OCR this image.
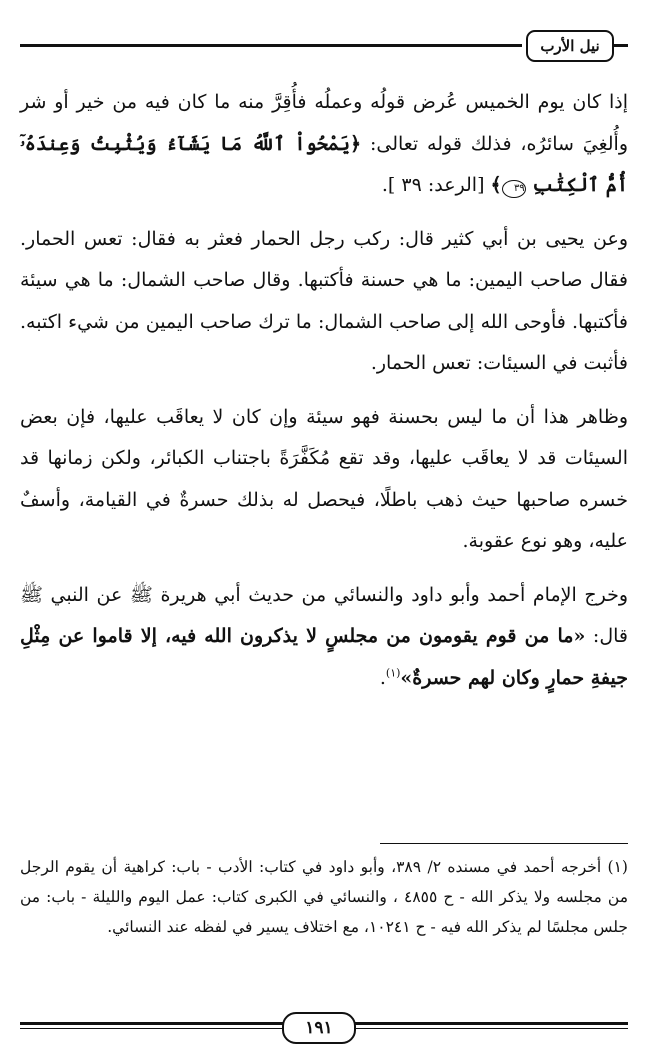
نيل الأرب

إذا كان يوم الخميس عُرض قولُه وعملُه فأُقِرَّ منه ما كان فيه من خير أو شر وأُلغِيَ سائرُه، فذلك قوله تعالى: ﴿يَمْحُواْ ٱللَّهُ مَا يَشَآءُ وَيُثْبِتُ وَعِندَهُۥٓ أُمُّ ٱلْكِتَٰبِ ٣٩﴾ [الرعد: ٣٩ ].

وعن يحيى بن أبي كثير قال: ركب رجل الحمار فعثر به فقال: تعس الحمار. فقال صاحب اليمين: ما هي حسنة فأكتبها. وقال صاحب الشمال: ما هي سيئة فأكتبها. فأوحى الله إلى صاحب الشمال: ما ترك صاحب اليمين من شيء اكتبه. فأثبت في السيئات: تعس الحمار.

وظاهر هذا أن ما ليس بحسنة فهو سيئة وإن كان لا يعاقَب عليها، فإن بعض السيئات قد لا يعاقَب عليها، وقد تقع مُكَفَّرَةً باجتناب الكبائر، ولكن زمانها قد خسره صاحبها حيث ذهب باطلًا، فيحصل له بذلك حسرةٌ في القيامة، وأسفٌ عليه، وهو نوع عقوبة.

وخرج الإمام أحمد وأبو داود والنسائي من حديث أبي هريرة ﷺ عن النبي ﷺ قال: «ما من قوم يقومون من مجلسٍ لا يذكرون الله فيه، إلا قاموا عن مِثْلِ جيفةِ حمارٍ وكان لهم حسرةٌ»$^{(١)}$.

(١) أخرجه أحمد في مسنده ٢/ ٣٨٩، وأبو داود في كتاب: الأدب - باب: كراهية أن يقوم الرجل من مجلسه ولا يذكر الله - ح ٤٨٥٥ ، والنسائي في الكبرى كتاب: عمل اليوم والليلة - باب: من جلس مجلسًا لم يذكر الله فيه - ح ١٠٢٤١، مع اختلاف يسير في لفظه عند النسائي.
١٩١
